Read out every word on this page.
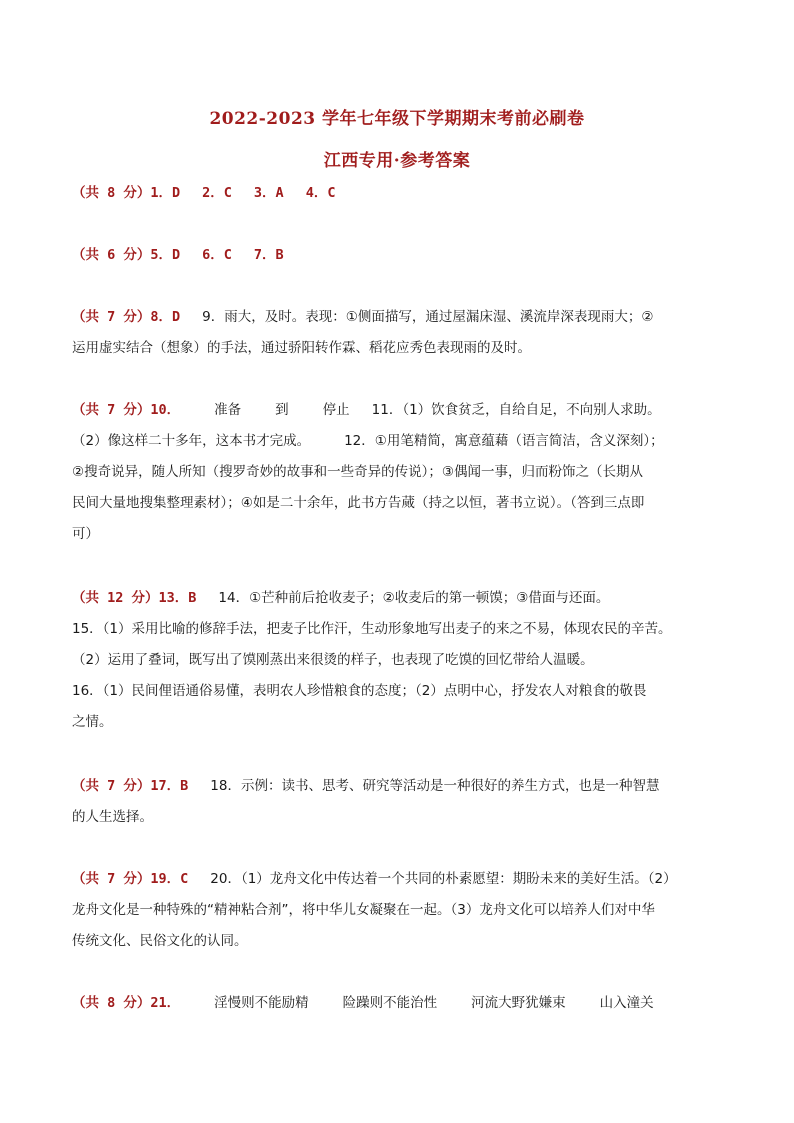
2022-2023 学年七年级下学期期末考前必刷卷
江西专用·参考答案
（共 8 分）1．D 2．C 3．A 4．C
（共 6 分）5．D 6．C 7．B
（共 7 分）8．D 9．雨大，及时。表现：①侧面描写，通过屋漏床湿、溪流岸深表现雨大；②
运用虚实结合（想象）的手法，通过骄阳转作霖、稻花应秀色表现雨的及时。
（共 7 分）10．	准备	到	停止 11．（1）饮食贫乏，自给自足，不向别人求助。
（2）像这样二十多年，这本书才完成。	12．①用笔精简，寓意蕴藉（语言简洁，含义深刻）；
②搜奇说异，随人所知（搜罗奇妙的故事和一些奇异的传说）；③偶闻一事，归而粉饰之（长期从
民间大量地搜集整理素材）；④如是二十余年，此书方告蒇（持之以恒，著书立说）。（答到三点即
可）
（共 12 分）13．B 14．①芒种前后抢收麦子；②收麦后的第一顿馍；③借面与还面。
15．（1）采用比喻的修辞手法，把麦子比作汗，生动形象地写出麦子的来之不易，体现农民的辛苦。
（2）运用了叠词，既写出了馍刚蒸出来很烫的样子，也表现了吃馍的回忆带给人温暖。
16．（1）民间俚语通俗易懂，表明农人珍惜粮食的态度；（2）点明中心，抒发农人对粮食的敬畏
之情。
（共 7 分）17．B 18．示例：读书、思考、研究等活动是一种很好的养生方式，也是一种智慧
的人生选择。
（共 7 分）19．C 20．（1）龙舟文化中传达着一个共同的朴素愿望：期盼未来的美好生活。（2）
龙舟文化是一种特殊的“精神粘合剂”，将中华儿女凝聚在一起。（3）龙舟文化可以培养人们对中华
传统文化、民俗文化的认同。
（共 8 分）21．	淫慢则不能励精	险躁则不能治性	河流大野犹嫌束	山入潼关
